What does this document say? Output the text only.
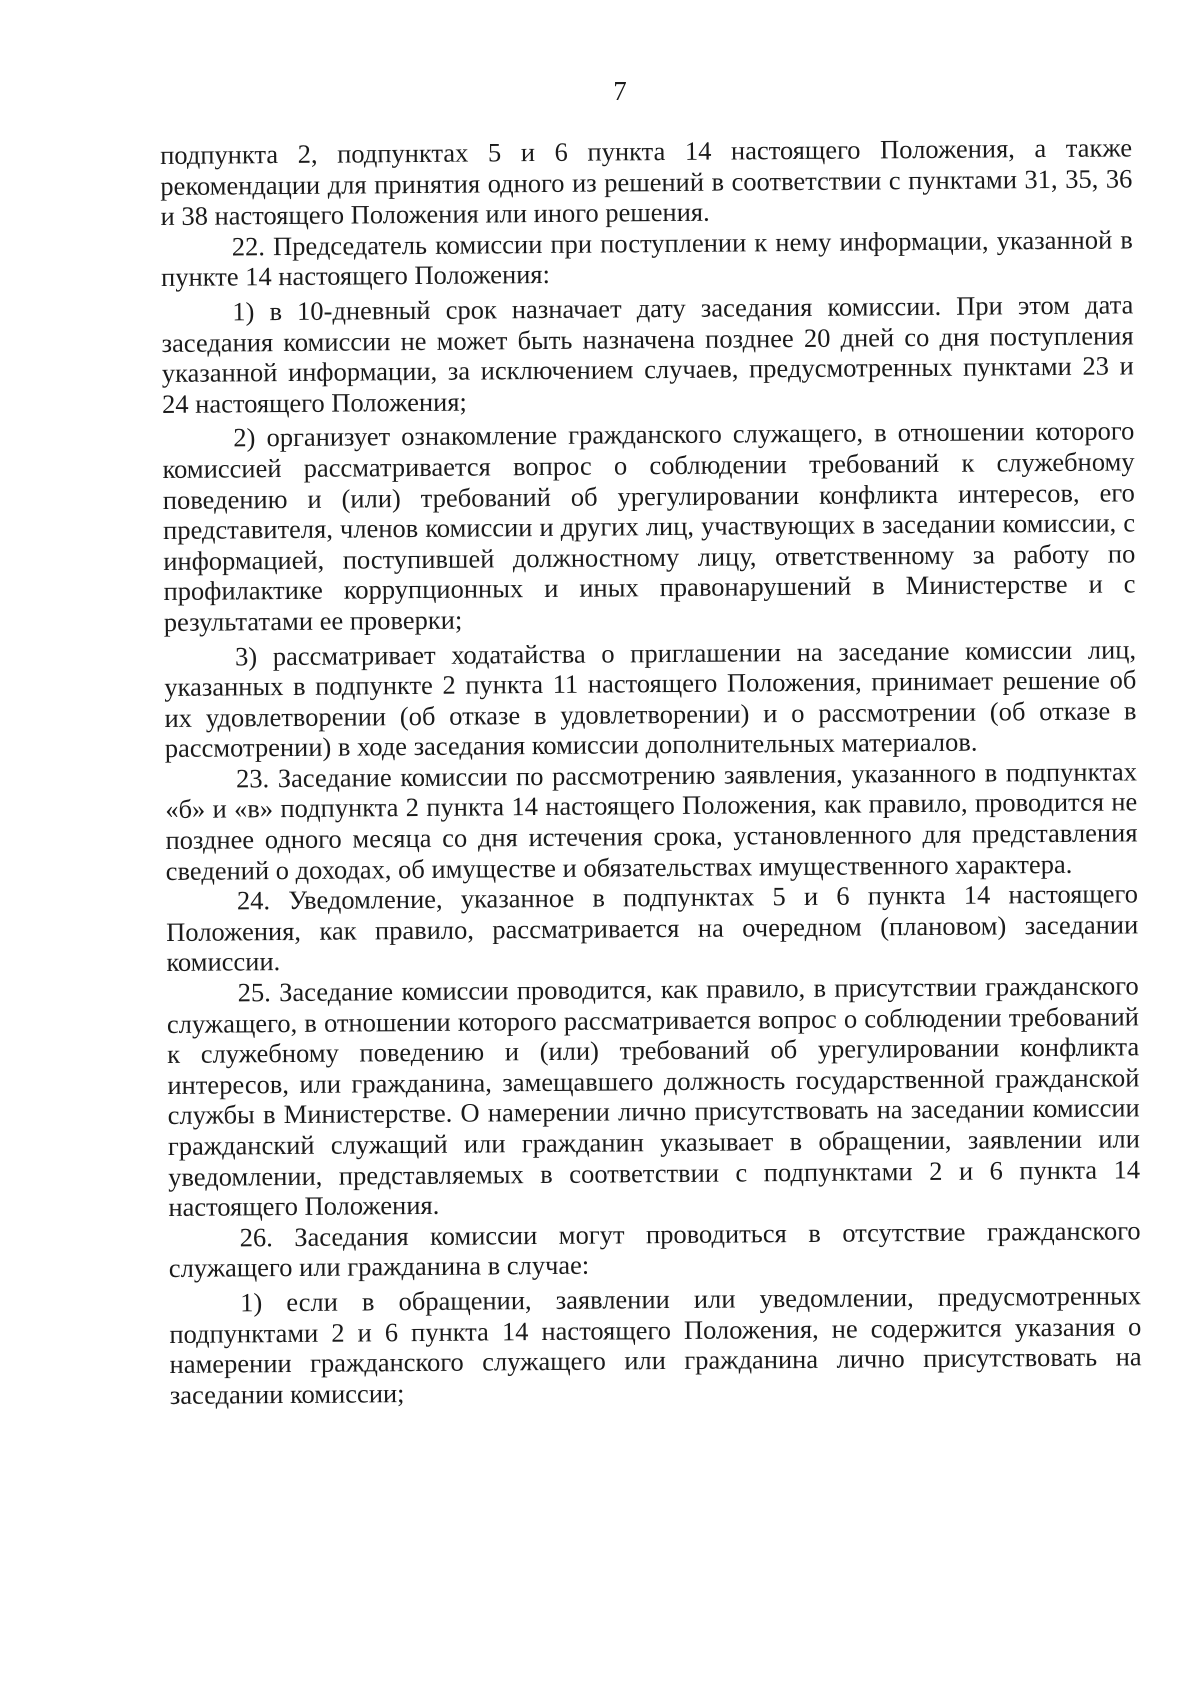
7

подпункта 2, подпунктах 5 и 6 пункта 14 настоящего Положения, а также рекомендации для принятия одного из решений в соответствии с пунктами 31, 35, 36 и 38 настоящего Положения или иного решения.

22. Председатель комиссии при поступлении к нему информации, указанной в пункте 14 настоящего Положения:

1) в 10-дневный срок назначает дату заседания комиссии. При этом дата заседания комиссии не может быть назначена позднее 20 дней со дня поступления указанной информации, за исключением случаев, предусмотренных пунктами 23 и 24 настоящего Положения;

2) организует ознакомление гражданского служащего, в отношении которого комиссией рассматривается вопрос о соблюдении требований к служебному поведению и (или) требований об урегулировании конфликта интересов, его представителя, членов комиссии и других лиц, участвующих в заседании комиссии, с информацией, поступившей должностному лицу, ответственному за работу по профилактике коррупционных и иных правонарушений в Министерстве и с результатами ее проверки;

3) рассматривает ходатайства о приглашении на заседание комиссии лиц, указанных в подпункте 2 пункта 11 настоящего Положения, принимает решение об их удовлетворении (об отказе в удовлетворении) и о рассмотрении (об отказе в рассмотрении) в ходе заседания комиссии дополнительных материалов.

23. Заседание комиссии по рассмотрению заявления, указанного в подпунктах «б» и «в» подпункта 2 пункта 14 настоящего Положения, как правило, проводится не позднее одного месяца со дня истечения срока, установленного для представления сведений о доходах, об имуществе и обязательствах имущественного характера.

24. Уведомление, указанное в подпунктах 5 и 6 пункта 14 настоящего Положения, как правило, рассматривается на очередном (плановом) заседании комиссии.

25. Заседание комиссии проводится, как правило, в присутствии гражданского служащего, в отношении которого рассматривается вопрос о соблюдении требований к служебному поведению и (или) требований об урегулировании конфликта интересов, или гражданина, замещавшего должность государственной гражданской службы в Министерстве. О намерении лично присутствовать на заседании комиссии гражданский служащий или гражданин указывает в обращении, заявлении или уведомлении, представляемых в соответствии с подпунктами 2 и 6 пункта 14 настоящего Положения.

26. Заседания комиссии могут проводиться в отсутствие гражданского служащего или гражданина в случае:

1) если в обращении, заявлении или уведомлении, предусмотренных подпунктами 2 и 6 пункта 14 настоящего Положения, не содержится указания о намерении гражданского служащего или гражданина лично присутствовать на заседании комиссии;
